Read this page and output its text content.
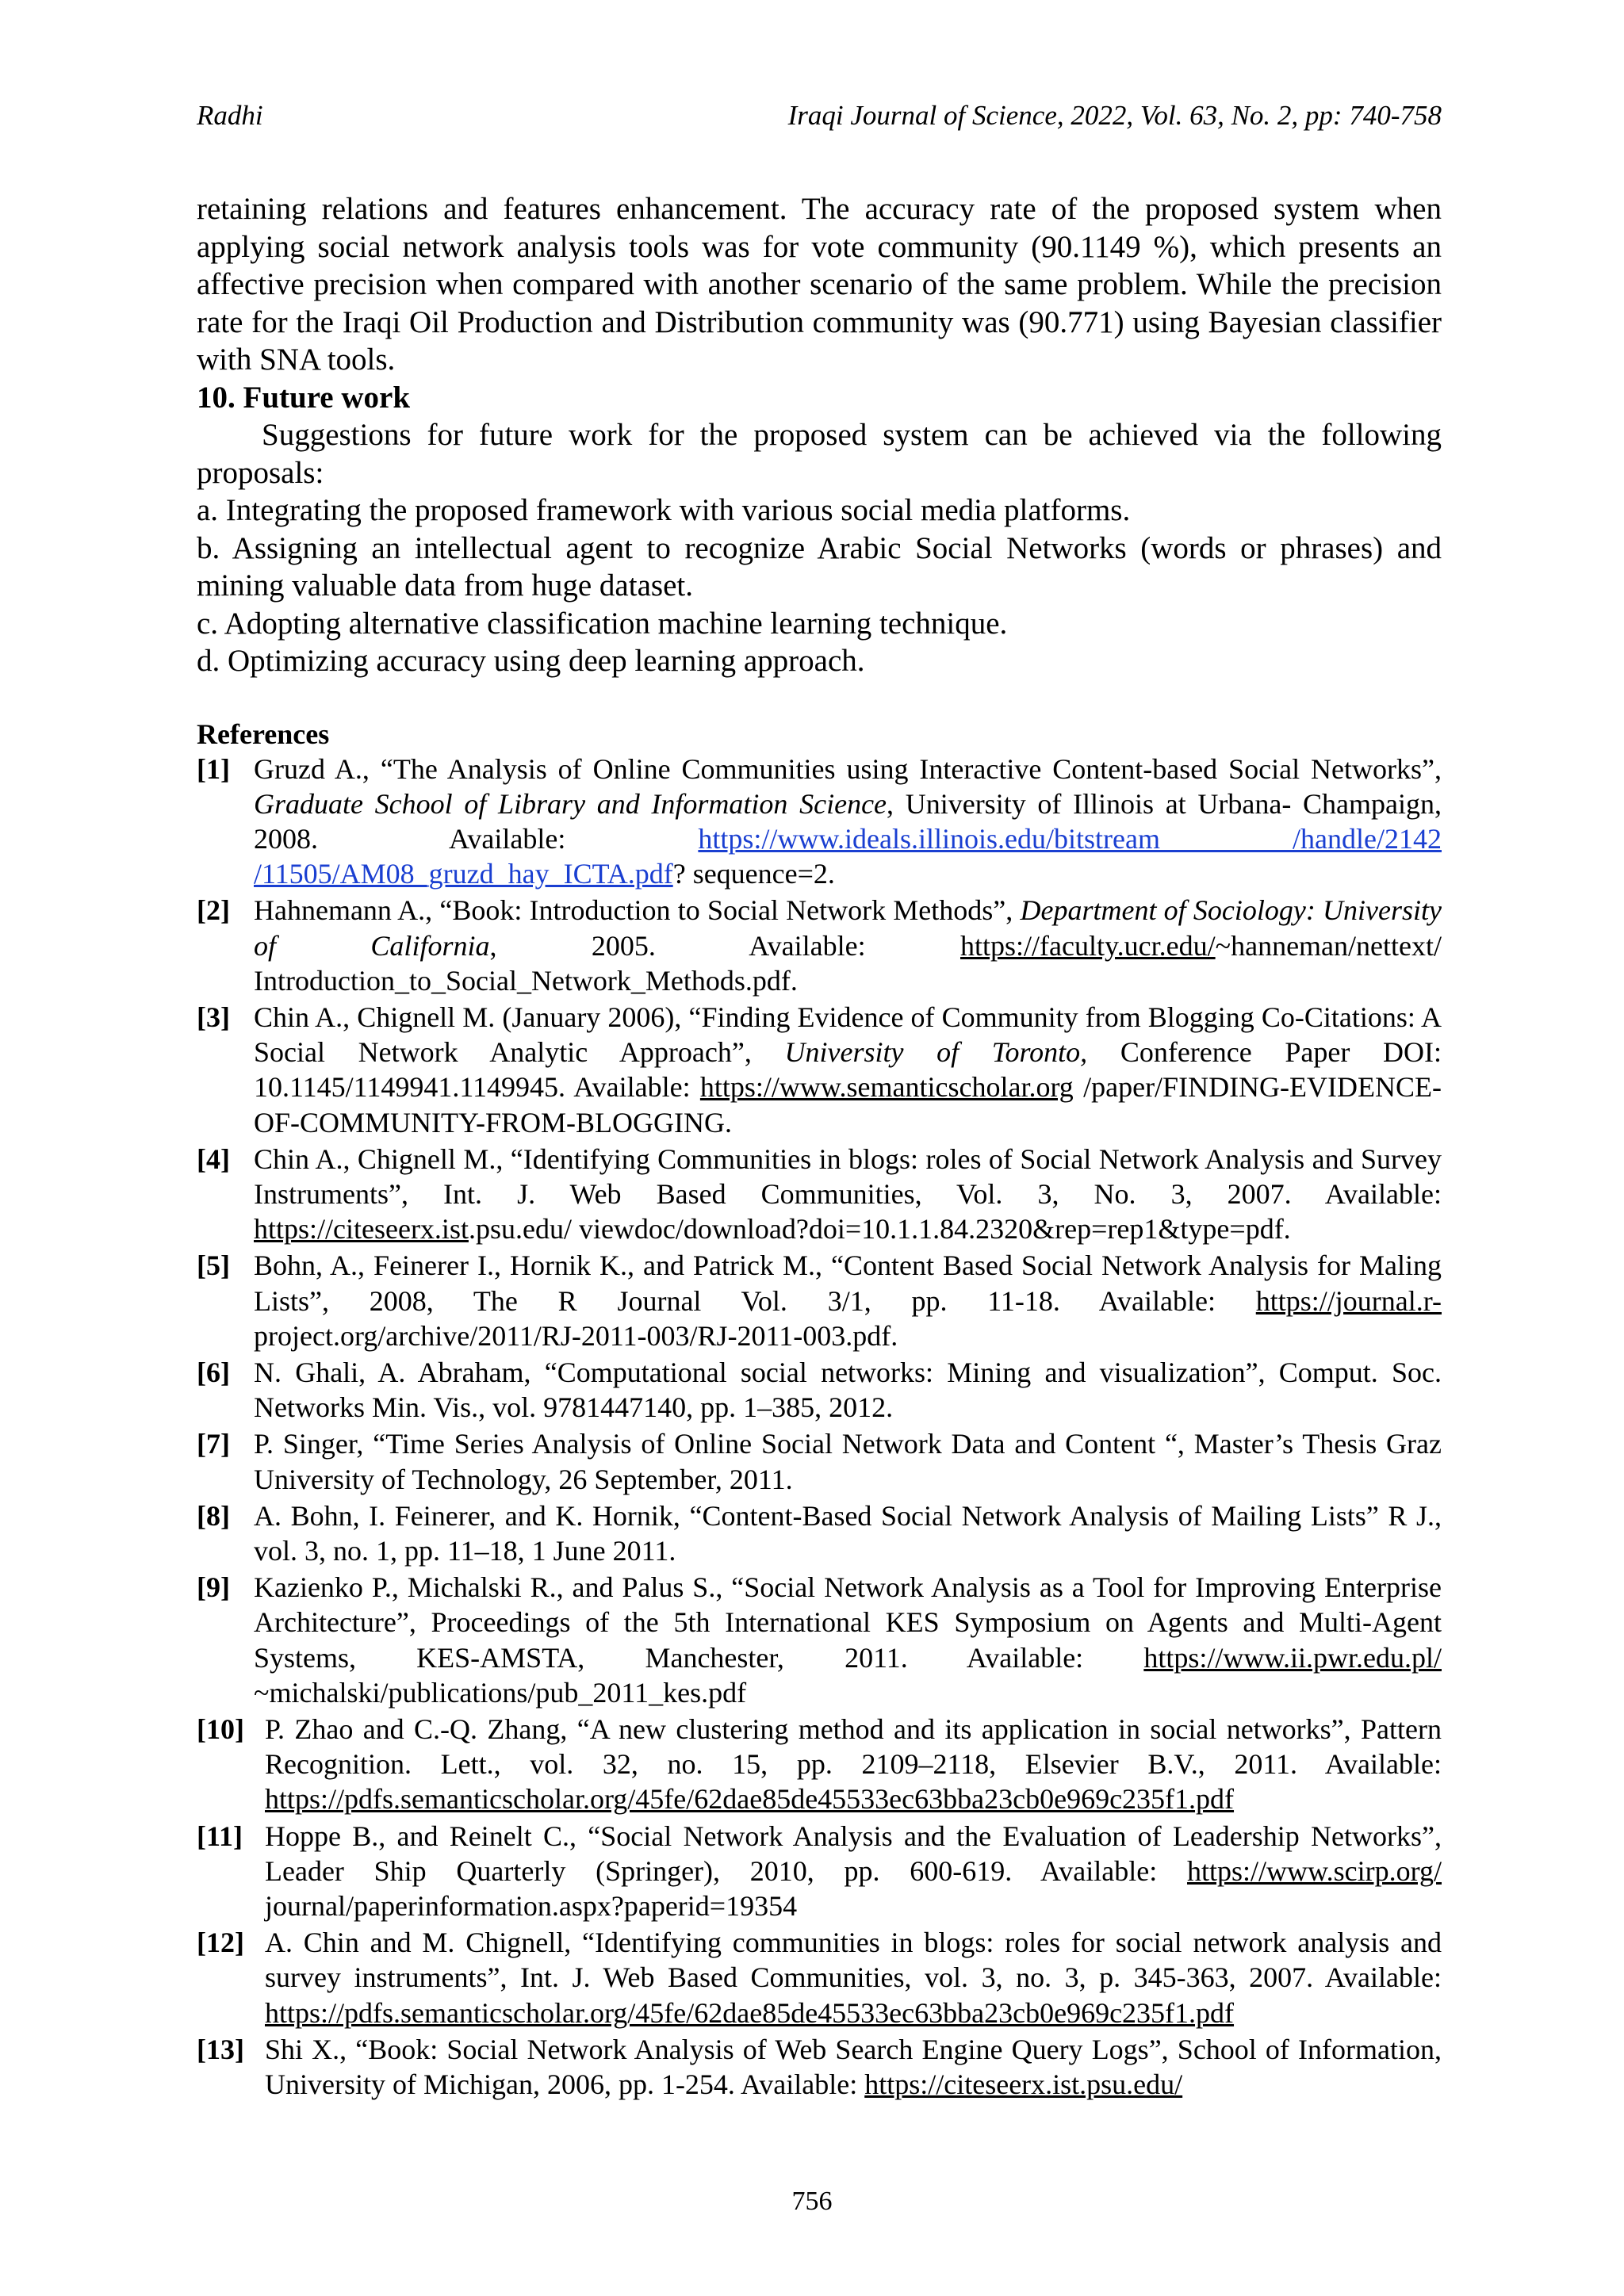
Radhi	Iraqi Journal of Science, 2022, Vol. 63, No. 2, pp: 740-758

retaining relations and features enhancement. The accuracy rate of the proposed system when applying social network analysis tools was for vote community (90.1149 %), which presents an affective precision when compared with another scenario of the same problem. While the precision rate for the Iraqi Oil Production and Distribution community was (90.771) using Bayesian classifier with SNA tools.

10. Future work

Suggestions for future work for the proposed system can be achieved via the following proposals:

a. Integrating the proposed framework with various social media platforms.

b. Assigning an intellectual agent to recognize Arabic Social Networks (words or phrases) and mining valuable data from huge dataset.

c. Adopting alternative classification machine learning technique.

d. Optimizing accuracy using deep learning approach.

References

[1] Gruzd A., “The Analysis of Online Communities using Interactive Content-based Social Networks”, Graduate School of Library and Information Science, University of Illinois at Urbana- Champaign, 2008. Available: https://www.ideals.illinois.edu/bitstream /handle/2142 /11505/AM08_gruzd_hay_ICTA.pdf? sequence=2.
[2] Hahnemann A., “Book: Introduction to Social Network Methods”, Department of Sociology: University of California, 2005. Available: https://faculty.ucr.edu/~hanneman/nettext/ Introduction_to_Social_Network_Methods.pdf.
[3] Chin A., Chignell M. (January 2006), “Finding Evidence of Community from Blogging Co-Citations: A Social Network Analytic Approach”, University of Toronto, Conference Paper DOI: 10.1145/1149941.1149945. Available: https://www.semanticscholar.org /paper/FINDING-EVIDENCE-OF-COMMUNITY-FROM-BLOGGING.
[4] Chin A., Chignell M., “Identifying Communities in blogs: roles of Social Network Analysis and Survey Instruments”, Int. J. Web Based Communities, Vol. 3, No. 3, 2007. Available: https://citeseerx.ist.psu.edu/ viewdoc/download?doi=10.1.1.84.2320&rep=rep1&type=pdf.
[5] Bohn, A., Feinerer I., Hornik K., and Patrick M., “Content Based Social Network Analysis for Maling Lists”, 2008, The R Journal Vol. 3/1, pp. 11-18. Available: https://journal.r- project.org/archive/2011/RJ-2011-003/RJ-2011-003.pdf.
[6] N. Ghali, A. Abraham, “Computational social networks: Mining and visualization”, Comput. Soc. Networks Min. Vis., vol. 9781447140, pp. 1–385, 2012.
[7] P. Singer, “Time Series Analysis of Online Social Network Data and Content “, Master’s Thesis Graz University of Technology, 26 September, 2011.
[8] A. Bohn, I. Feinerer, and K. Hornik, “Content-Based Social Network Analysis of Mailing Lists” R J., vol. 3, no. 1, pp. 11–18, 1 June 2011.
[9] Kazienko P., Michalski R., and Palus S., “Social Network Analysis as a Tool for Improving Enterprise Architecture”, Proceedings of the 5th International KES Symposium on Agents and Multi-Agent Systems, KES-AMSTA, Manchester, 2011. Available: https://www.ii.pwr.edu.pl/ ~michalski/publications/pub_2011_kes.pdf
[10] P. Zhao and C.-Q. Zhang, “A new clustering method and its application in social networks”, Pattern Recognition. Lett., vol. 32, no. 15, pp. 2109–2118, Elsevier B.V., 2011. Available: https://pdfs.semanticscholar.org/45fe/62dae85de45533ec63bba23cb0e969c235f1.pdf
[11] Hoppe B., and Reinelt C., “Social Network Analysis and the Evaluation of Leadership Networks”, Leader Ship Quarterly (Springer), 2010, pp. 600-619. Available: https://www.scirp.org/ journal/paperinformation.aspx?paperid=19354
[12] A. Chin and M. Chignell, “Identifying communities in blogs: roles for social network analysis and survey instruments”, Int. J. Web Based Communities, vol. 3, no. 3, p. 345-363, 2007. Available: https://pdfs.semanticscholar.org/45fe/62dae85de45533ec63bba23cb0e969c235f1.pdf
[13] Shi X., “Book: Social Network Analysis of Web Search Engine Query Logs”, School of Information, University of Michigan, 2006, pp. 1-254. Available: https://citeseerx.ist.psu.edu/
756
